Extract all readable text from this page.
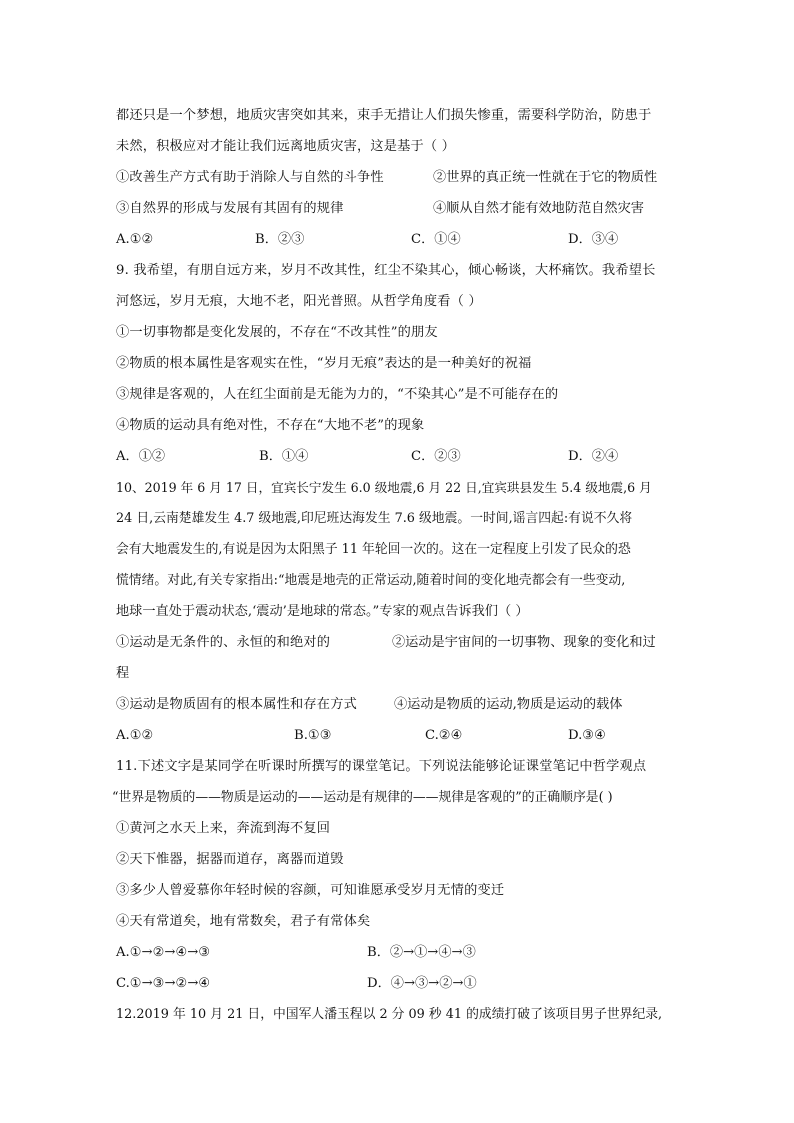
都还只是一个梦想，地质灾害突如其来，束手无措让人们损失惨重，需要科学防治，防患于
未然，积极应对才能让我们远离地质灾害，这是基于（ ）
①改善生产方式有助于消除人与自然的斗争性	②世界的真正统一性就在于它的物质性
③自然界的形成与发展有其固有的规律	④顺从自然才能有效地防范自然灾害
A.①②	B．②③	C．①④	D．③④
9. 我希望，有朋自远方来，岁月不改其性，红尘不染其心，倾心畅谈，大杯痛饮。我希望长
河悠远，岁月无痕，大地不老，阳光普照。从哲学角度看（ ）
①一切事物都是变化发展的，不存在“不改其性”的朋友
②物质的根本属性是客观实在性，“岁月无痕”表达的是一种美好的祝福
③规律是客观的，人在红尘面前是无能为力的，“不染其心”是不可能存在的
④物质的运动具有绝对性，不存在“大地不老”的现象
A．①②	B．①④	C．②③	D．②④
10、2019 年 6 月 17 日，宜宾长宁发生 6.0 级地震,6 月 22 日,宜宾珙县发生 5.4 级地震,6 月
24 日,云南楚雄发生 4.7 级地震,印尼班达海发生 7.6 级地震。一时间,谣言四起:有说不久将
会有大地震发生的,有说是因为太阳黑子 11 年轮回一次的。这在一定程度上引发了民众的恐
慌情绪。对此,有关专家指出:“地震是地壳的正常运动,随着时间的变化地壳都会有一些变动,
地球一直处于震动状态,‘震动’是地球的常态。”专家的观点告诉我们（ ）
①运动是无条件的、永恒的和绝对的	②运动是宇宙间的一切事物、现象的变化和过
程
③运动是物质固有的根本属性和存在方式	④运动是物质的运动,物质是运动的载体
A.①②	B.①③	C.②④	D.③④
11.下述文字是某同学在听课时所撰写的课堂笔记。下列说法能够论证课堂笔记中哲学观点
“世界是物质的——物质是运动的——运动是有规律的——规律是客观的”的正确顺序是( )
①黄河之水天上来，奔流到海不复回
②天下惟器，据器而道存，离器而道毁
③多少人曾爱慕你年轻时候的容颜，可知谁愿承受岁月无情的变迁
④天有常道矣，地有常数矣，君子有常体矣
A.①→②→④→③	B．②→①→④→③
C.①→③→②→④	D．④→③→②→①
12.2019 年 10 月 21 日，中国军人潘玉程以 2 分 09 秒 41 的成绩打破了该项目男子世界纪录,
